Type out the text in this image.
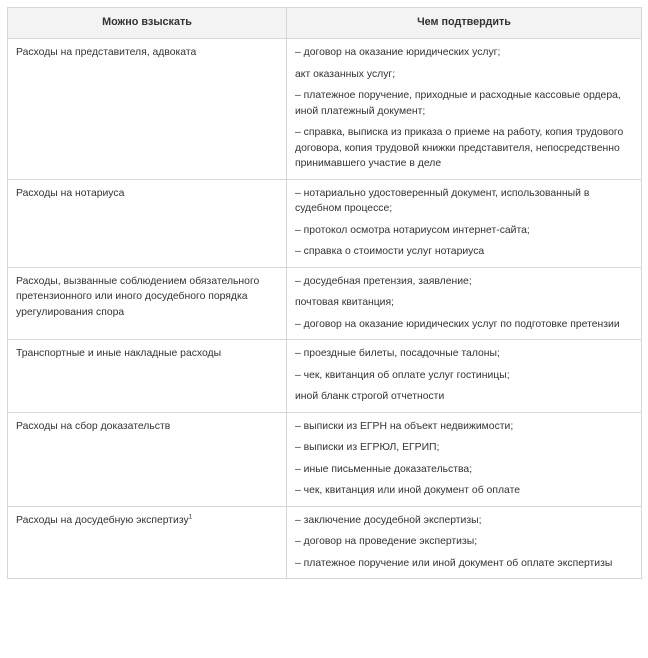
Можно взыскать	Чем подтвердить
Расходы на представителя, адвоката	– договор на оказание юридических услуг;
акт оказанных услуг;
– платежное поручение, приходные и расходные кассовые ордера, иной платежный документ;
– справка, выписка из приказа о приеме на работу, копия трудового договора, копия трудовой книжки представителя, непосредственно принимавшего участие в деле

Расходы на нотариуса	– нотариально удостоверенный документ, использованный в судебном процессе;
– протокол осмотра нотариусом интернет-сайта;
– справка о стоимости услуг нотариуса

Расходы, вызванные соблюдением обязательного претензионного или иного досудебного порядка урегулирования спора	– досудебная претензия, заявление;
почтовая квитанция;
– договор на оказание юридических услуг по подготовке претензии

Транспортные и иные накладные расходы	– проездные билеты, посадочные талоны;
– чек, квитанция об оплате услуг гостиницы;
иной бланк строгой отчетности

Расходы на сбор доказательств	– выписки из ЕГРН на объект недвижимости;
– выписки из ЕГРЮЛ, ЕГРИП;
– иные письменные доказательства;
– чек, квитанция или иной документ об оплате

Расходы на досудебную экспертизу$^1$	– заключение досудебной экспертизы;
– договор на проведение экспертизы;
– платежное поручение или иной документ об оплате экспертизы
